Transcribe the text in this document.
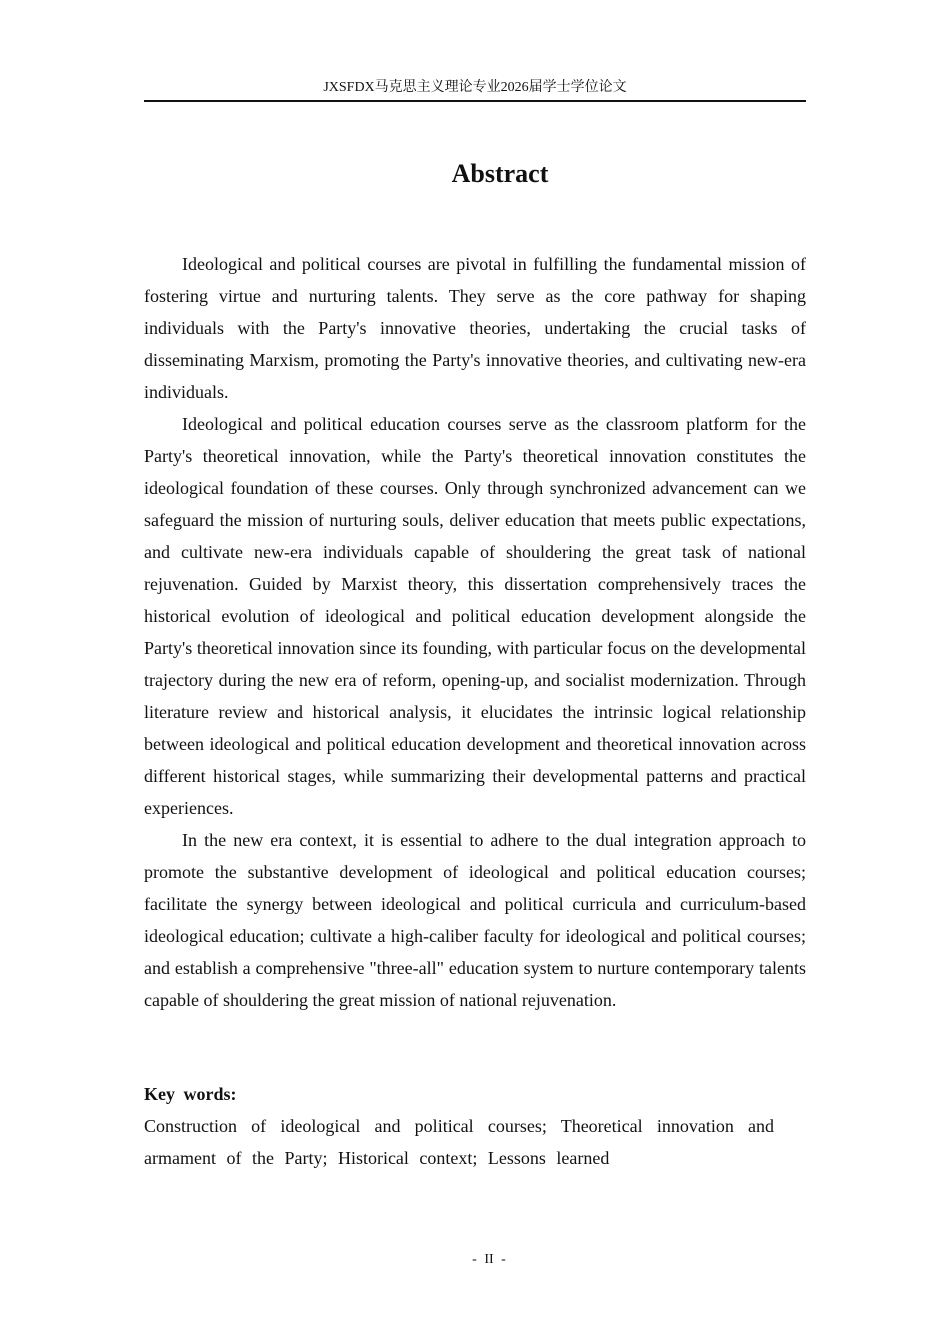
JXSFDX马克思主义理论专业2026届学士学位论文
Abstract

Ideological and political courses are pivotal in fulfilling the fundamental mission of fostering virtue and nurturing talents. They serve as the core pathway for shaping individuals with the Party's innovative theories, undertaking the crucial tasks of disseminating Marxism, promoting the Party's innovative theories, and cultivating new-era individuals.

Ideological and political education courses serve as the classroom platform for the Party's theoretical innovation, while the Party's theoretical innovation constitutes the ideological foundation of these courses. Only through synchronized advancement can we safeguard the mission of nurturing souls, deliver education that meets public expectations, and cultivate new-era individuals capable of shouldering the great task of national rejuvenation. Guided by Marxist theory, this dissertation comprehensively traces the historical evolution of ideological and political education development alongside the Party's theoretical innovation since its founding, with particular focus on the developmental trajectory during the new era of reform, opening-up, and socialist modernization. Through literature review and historical analysis, it elucidates the intrinsic logical relationship between ideological and political education development and theoretical innovation across different historical stages, while summarizing their developmental patterns and practical experiences.

In the new era context, it is essential to adhere to the dual integration approach to promote the substantive development of ideological and political education courses; facilitate the synergy between ideological and political curricula and curriculum-based ideological education; cultivate a high-caliber faculty for ideological and political courses; and establish a comprehensive "three-all" education system to nurture contemporary talents capable of shouldering the great mission of national rejuvenation.

Key words:
Construction of ideological and political courses; Theoretical innovation and armament of the Party; Historical context; Lessons learned
- II -
